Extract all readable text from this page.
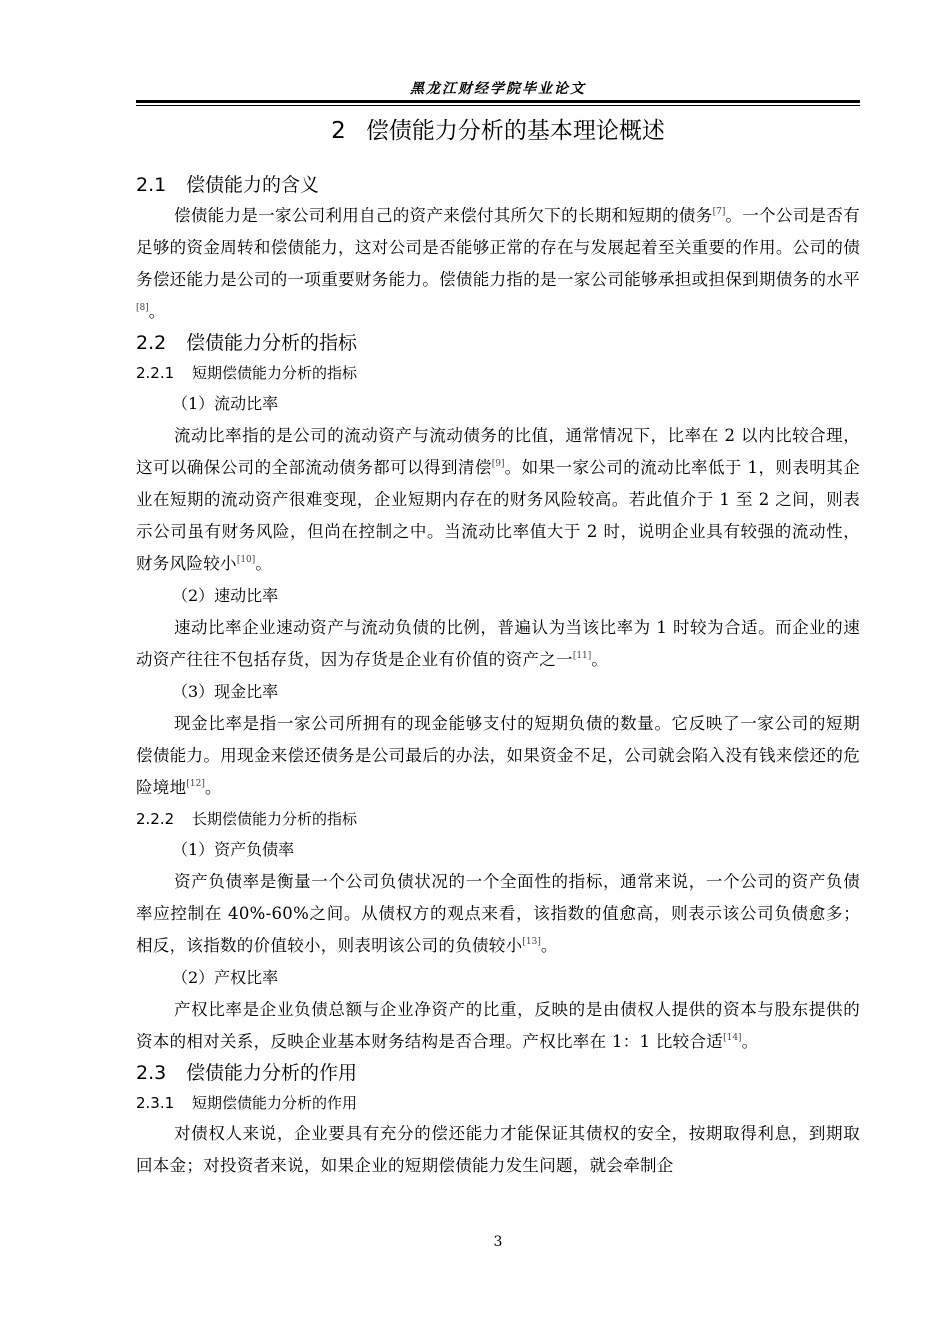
黑龙江财经学院毕业论文
2 偿债能力分析的基本理论概述
2.1 偿债能力的含义

偿债能力是一家公司利用自己的资产来偿付其所欠下的长期和短期的债务[7]。一个公司是否有足够的资金周转和偿债能力，这对公司是否能够正常的存在与发展起着至关重要的作用。公司的债务偿还能力是公司的一项重要财务能力。偿债能力指的是一家公司能够承担或担保到期债务的水平[8]。

2.2 偿债能力分析的指标
2.2.1 短期偿债能力分析的指标

（1）流动比率

流动比率指的是公司的流动资产与流动债务的比值，通常情况下，比率在 2 以内比较合理，这可以确保公司的全部流动债务都可以得到清偿[9]。如果一家公司的流动比率低于 1，则表明其企业在短期的流动资产很难变现，企业短期内存在的财务风险较高。若此值介于 1 至 2 之间，则表示公司虽有财务风险，但尚在控制之中。当流动比率值大于 2 时，说明企业具有较强的流动性，财务风险较小[10]。

（2）速动比率

速动比率企业速动资产与流动负债的比例，普遍认为当该比率为 1 时较为合适。而企业的速动资产往往不包括存货，因为存货是企业有价值的资产之一[11]。

（3）现金比率

现金比率是指一家公司所拥有的现金能够支付的短期负债的数量。它反映了一家公司的短期偿债能力。用现金来偿还债务是公司最后的办法，如果资金不足，公司就会陷入没有钱来偿还的危险境地[12]。

2.2.2 长期偿债能力分析的指标

（1）资产负债率

资产负债率是衡量一个公司负债状况的一个全面性的指标，通常来说，一个公司的资产负债率应控制在 40%-60%之间。从债权方的观点来看，该指数的值愈高，则表示该公司负债愈多；相反，该指数的价值较小，则表明该公司的负债较小[13]。

（2）产权比率

产权比率是企业负债总额与企业净资产的比重，反映的是由债权人提供的资本与股东提供的资本的相对关系，反映企业基本财务结构是否合理。产权比率在 1：1 比较合适[14]。

2.3 偿债能力分析的作用
2.3.1 短期偿债能力分析的作用

对债权人来说，企业要具有充分的偿还能力才能保证其债权的安全，按期取得利息，到期取回本金；对投资者来说，如果企业的短期偿债能力发生问题，就会牵制企

3
